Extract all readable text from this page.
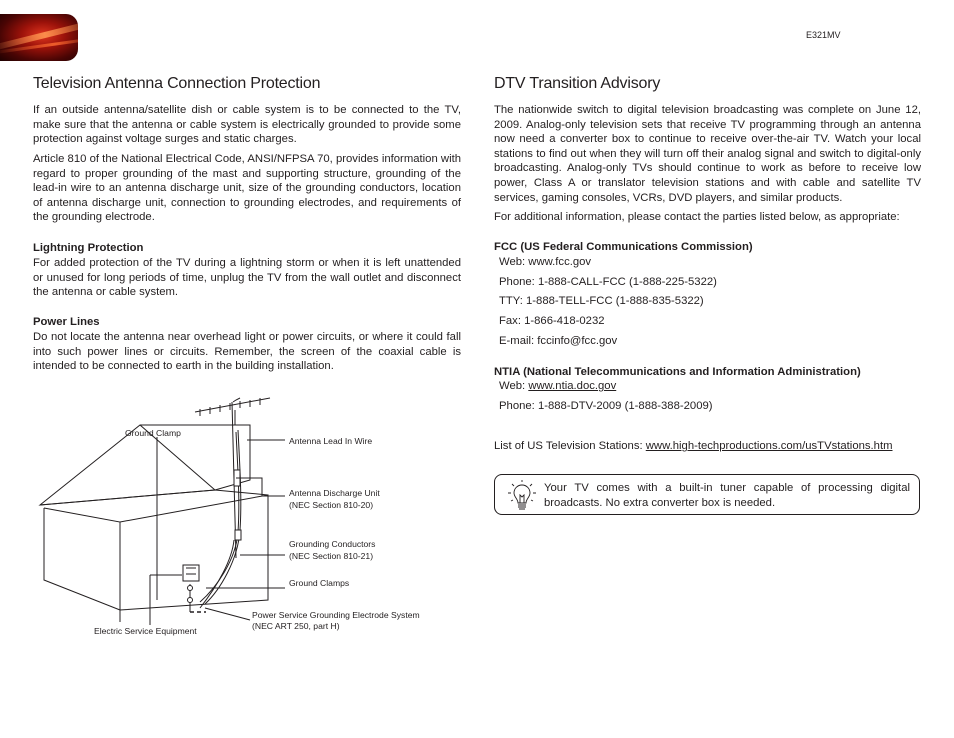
E321MV
Television Antenna Connection Protection

If an outside antenna/satellite dish or cable system is to be connected to the TV, make sure that the antenna or cable system is electrically grounded to provide some protection against voltage surges and static charges.

Article 810 of the National Electrical Code, ANSI/NFPSA 70, provides information with regard to proper grounding of the mast and supporting structure, grounding of the lead-in wire to an antenna discharge unit, size of the grounding conductors, location of antenna discharge unit, connection to grounding electrodes, and requirements of the grounding electrode.

Lightning Protection
For added protection of the TV during a lightning storm or when it is left unattended or unused for long periods of time, unplug the TV from the wall outlet and disconnect the antenna or cable system.
Power Lines
Do not locate the antenna near overhead light or power circuits, or where it could fall into such power lines or circuits. Remember, the screen of the coaxial cable is intended to be connected to earth in the building installation.
Ground Clamp
Antenna Lead In Wire
Antenna Discharge Unit
(NEC Section 810-20)
Grounding Conductors
(NEC Section 810-21)
Ground Clamps
Power Service Grounding Electrode System
(NEC ART 250, part H)
Electric Service Equipment
DTV Transition Advisory
The nationwide switch to digital television broadcasting was complete on June 12, 2009. Analog-only television sets that receive TV programming through an antenna now need a converter box to continue to receive over-the-air TV. Watch your local stations to find out when they will turn off their analog signal and switch to digital-only broadcasting. Analog-only TVs should continue to work as before to receive low power, Class A or translator television stations and with cable and satellite TV services, gaming consoles, VCRs, DVD players, and similar products.
For additional information, please contact the parties listed below, as appropriate:
FCC (US Federal Communications Commission)
Web: www.fcc.gov
Phone: 1-888-CALL-FCC (1-888-225-5322)
TTY: 1-888-TELL-FCC (1-888-835-5322)
Fax: 1-866-418-0232
E-mail: fccinfo@fcc.gov
NTIA (National Telecommunications and Information Administration)
Web: www.ntia.doc.gov
Phone: 1-888-DTV-2009 (1-888-388-2009)
List of US Television Stations: www.high-techproductions.com/usTVstations.htm
Your TV comes with a built-in tuner capable of processing digital broadcasts. No extra converter box is needed.
